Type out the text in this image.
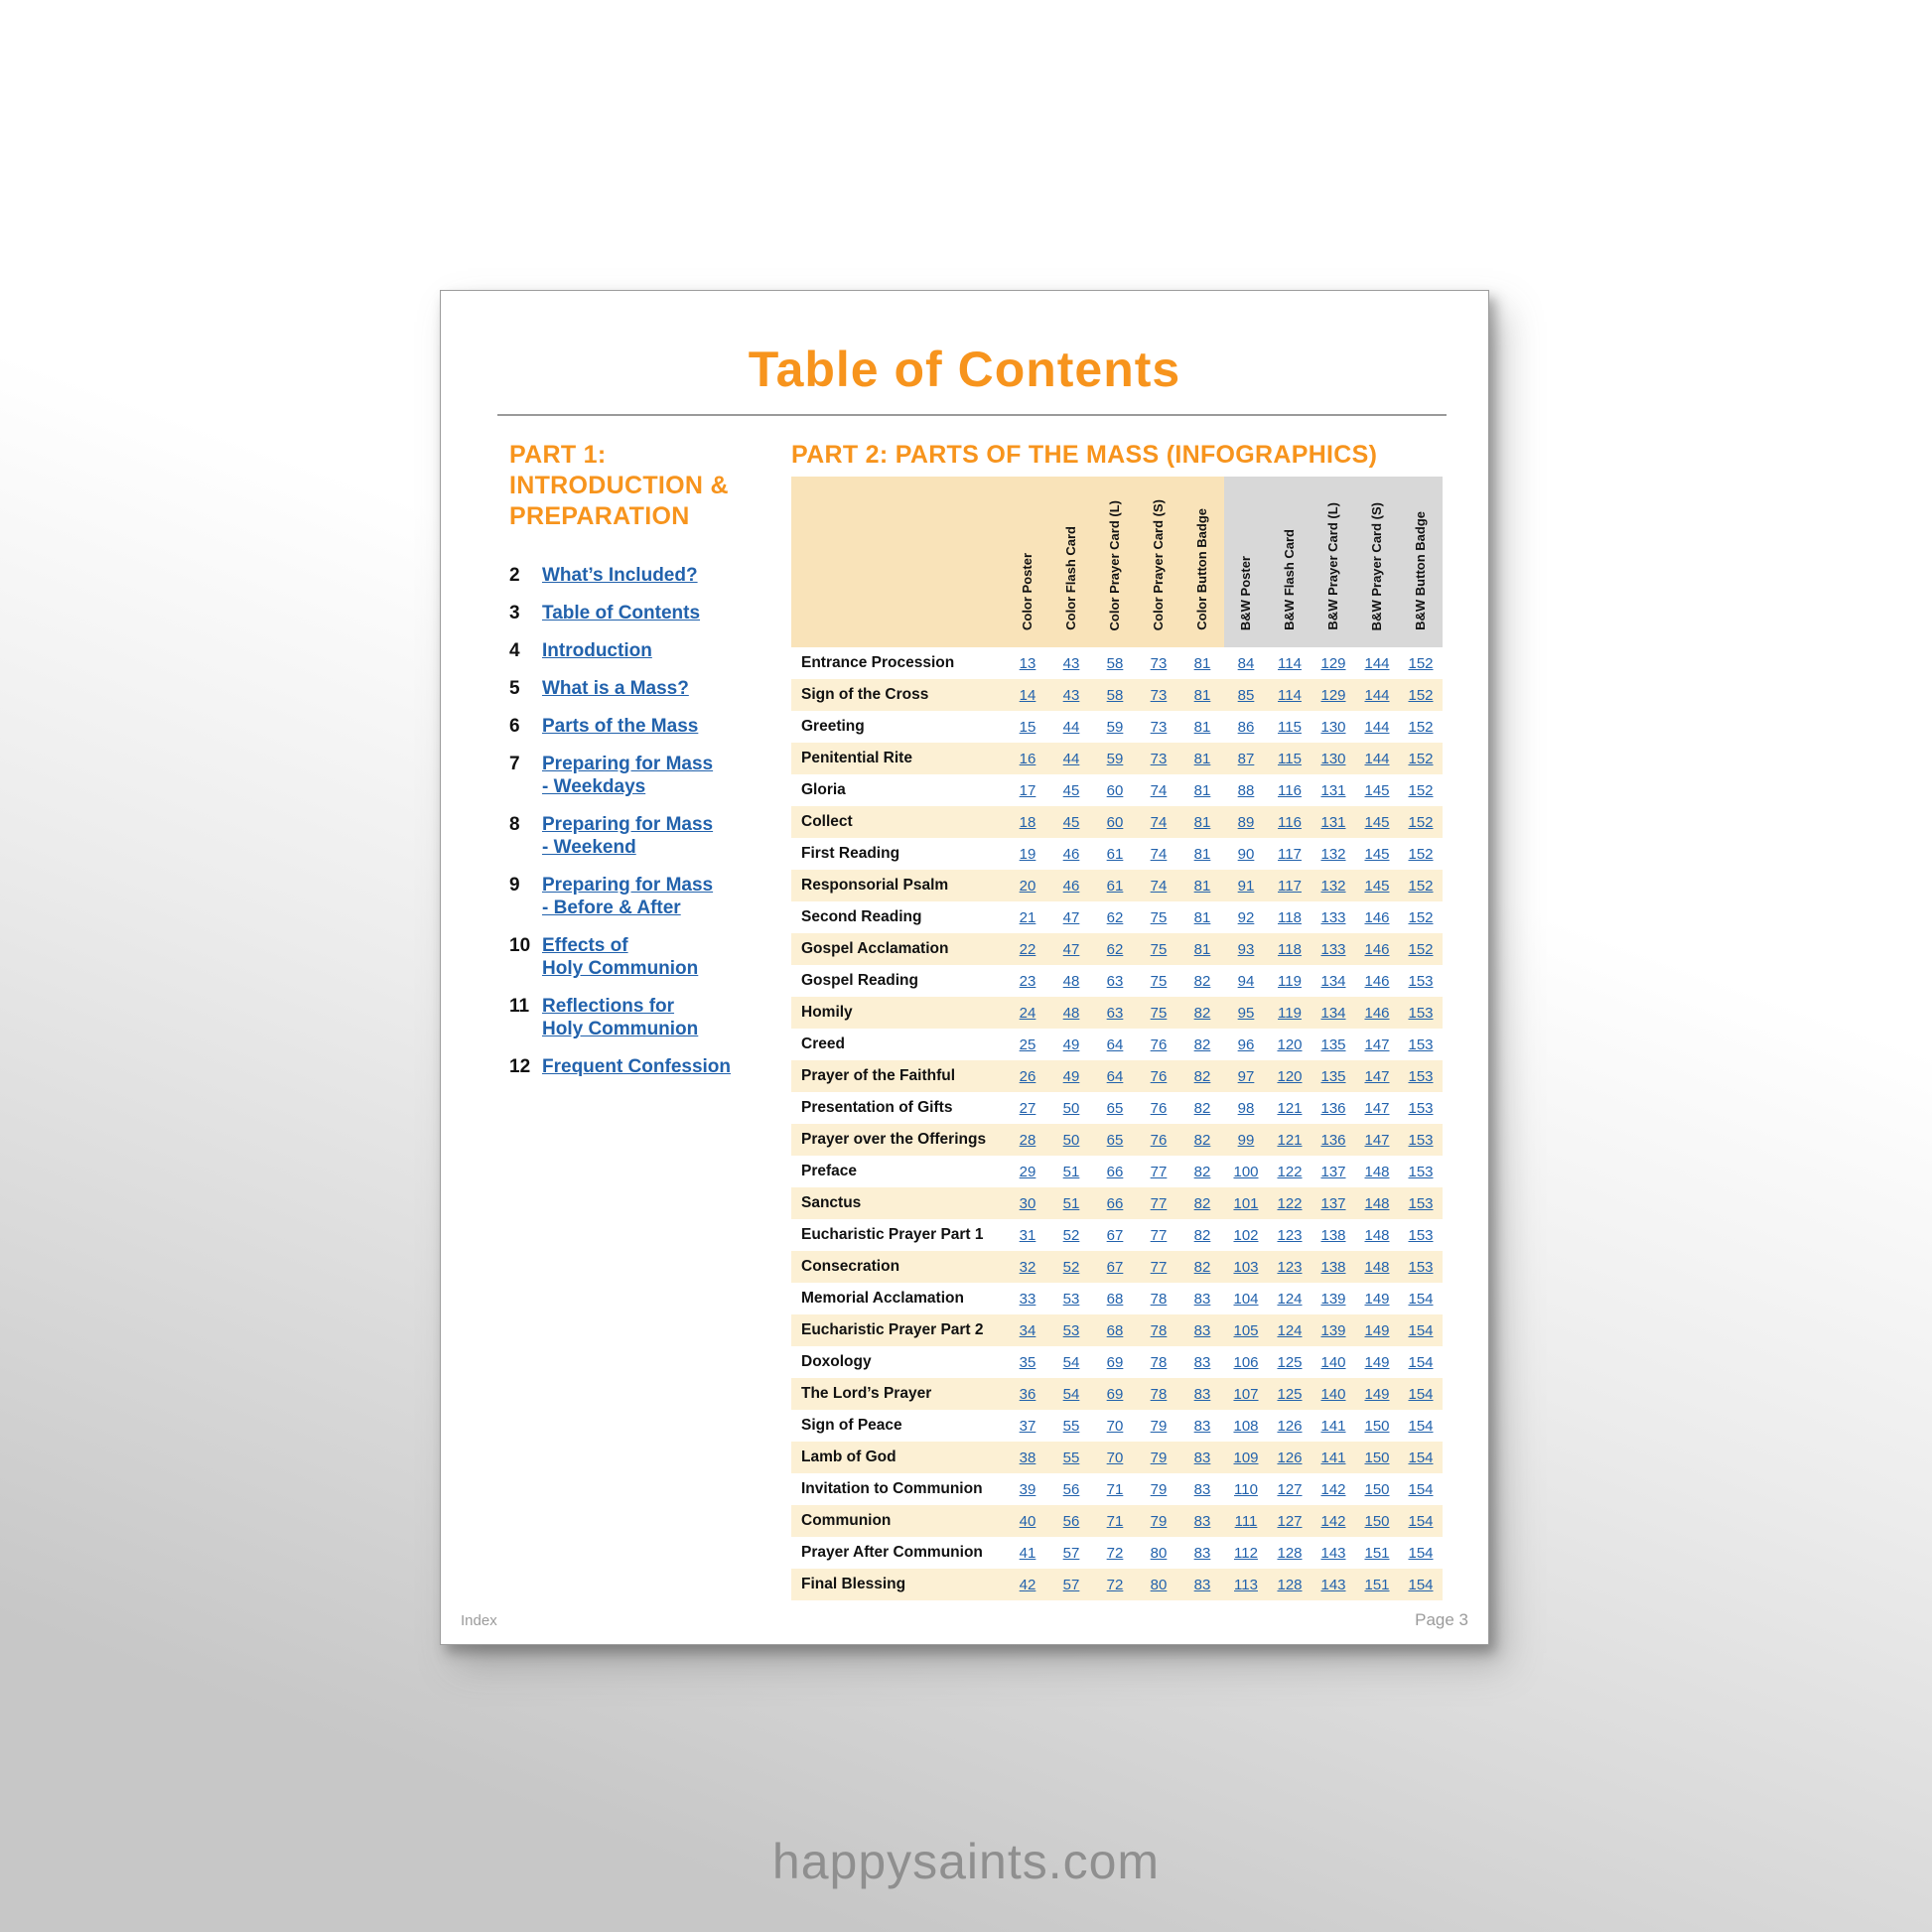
Table of Contents
PART 1:
INTRODUCTION &
PREPARATION
2	What’s Included?
3	Table of Contents
4	Introduction
5	What is a Mass?
6	Parts of the Mass
7	Preparing for Mass
- Weekdays
8	Preparing for Mass
- Weekend
9	Preparing for Mass
- Before & After
10 Effects of
Holy Communion
11 Reflections for
Holy Communion
12 Frequent Confession
PART 2: PARTS OF THE MASS (INFOGRAPHICS)
	Color Poster	Color Flash Card	Color Prayer Card (L)	Color Prayer Card (S)	Color Button Badge	B&W Poster	B&W Flash Card	B&W Prayer Card (L)	B&W Prayer Card (S)	B&W Button Badge
Entrance Procession	13	43	58	73	81	84	114	129	144	152
Sign of the Cross	14	43	58	73	81	85	114	129	144	152
Greeting	15	44	59	73	81	86	115	130	144	152
Penitential Rite	16	44	59	73	81	87	115	130	144	152
Gloria	17	45	60	74	81	88	116	131	145	152
Collect	18	45	60	74	81	89	116	131	145	152
First Reading	19	46	61	74	81	90	117	132	145	152
Responsorial Psalm	20	46	61	74	81	91	117	132	145	152
Second Reading	21	47	62	75	81	92	118	133	146	152
Gospel Acclamation	22	47	62	75	81	93	118	133	146	152
Gospel Reading	23	48	63	75	82	94	119	134	146	153
Homily	24	48	63	75	82	95	119	134	146	153
Creed	25	49	64	76	82	96	120	135	147	153
Prayer of the Faithful	26	49	64	76	82	97	120	135	147	153
Presentation of Gifts	27	50	65	76	82	98	121	136	147	153
Prayer over the Offerings	28	50	65	76	82	99	121	136	147	153
Preface	29	51	66	77	82	100	122	137	148	153
Sanctus	30	51	66	77	82	101	122	137	148	153
Eucharistic Prayer Part 1	31	52	67	77	82	102	123	138	148	153
Consecration	32	52	67	77	82	103	123	138	148	153
Memorial Acclamation	33	53	68	78	83	104	124	139	149	154
Eucharistic Prayer Part 2	34	53	68	78	83	105	124	139	149	154
Doxology	35	54	69	78	83	106	125	140	149	154
The Lord’s Prayer	36	54	69	78	83	107	125	140	149	154
Sign of Peace	37	55	70	79	83	108	126	141	150	154
Lamb of God	38	55	70	79	83	109	126	141	150	154
Invitation to Communion	39	56	71	79	83	110	127	142	150	154
Communion	40	56	71	79	83	111	127	142	150	154
Prayer After Communion	41	57	72	80	83	112	128	143	151	154
Final Blessing	42	57	72	80	83	113	128	143	151	154
Index	Page 3
happysaints.com
